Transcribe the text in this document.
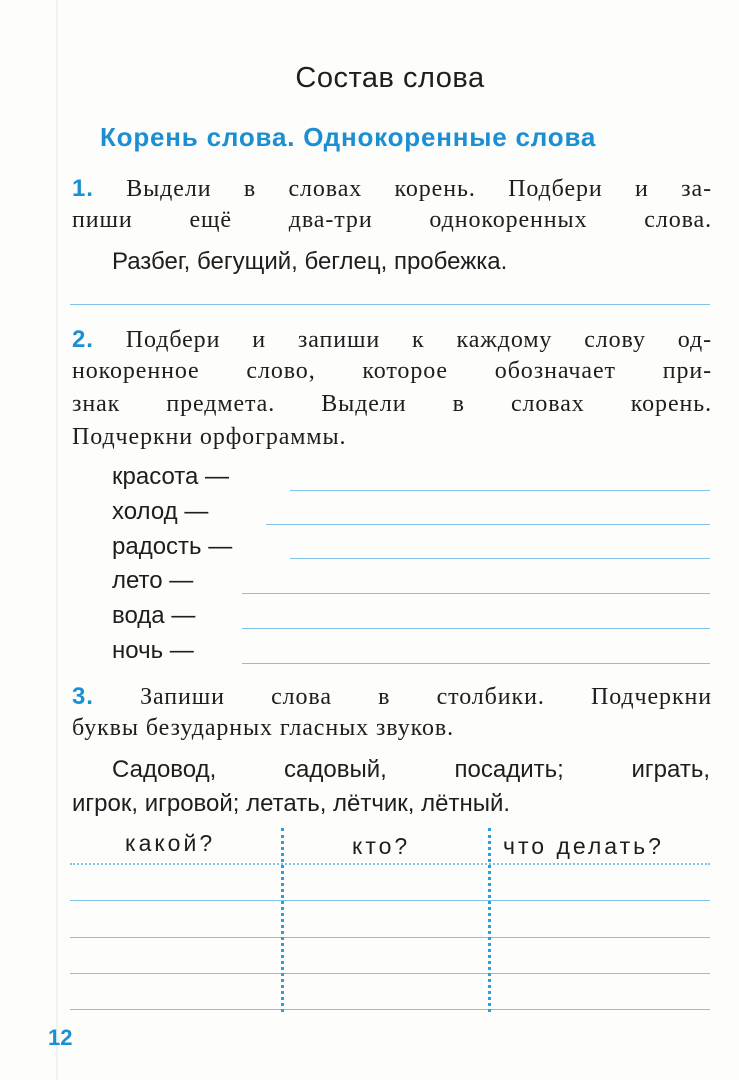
Состав слова
Корень слова. Однокоренные слова
1. Выдели в словах корень. Подбери и за-
пиши ещё два-три однокоренных слова.
Разбег, бегущий, беглец, пробежка.
2. Подбери и запиши к каждому слову од-
нокоренное слово, которое обозначает при-
знак предмета. Выдели в словах корень.
Подчеркни орфограммы.
красота —
холод —
радость —
лето —
вода —
ночь —
3. Запиши слова в столбики. Подчеркни
буквы безударных гласных звуков.
Садовод, садовый, посадить; играть,
игрок, игровой; летать, лётчик, лётный.
какой?	кто?	что делать?
12
